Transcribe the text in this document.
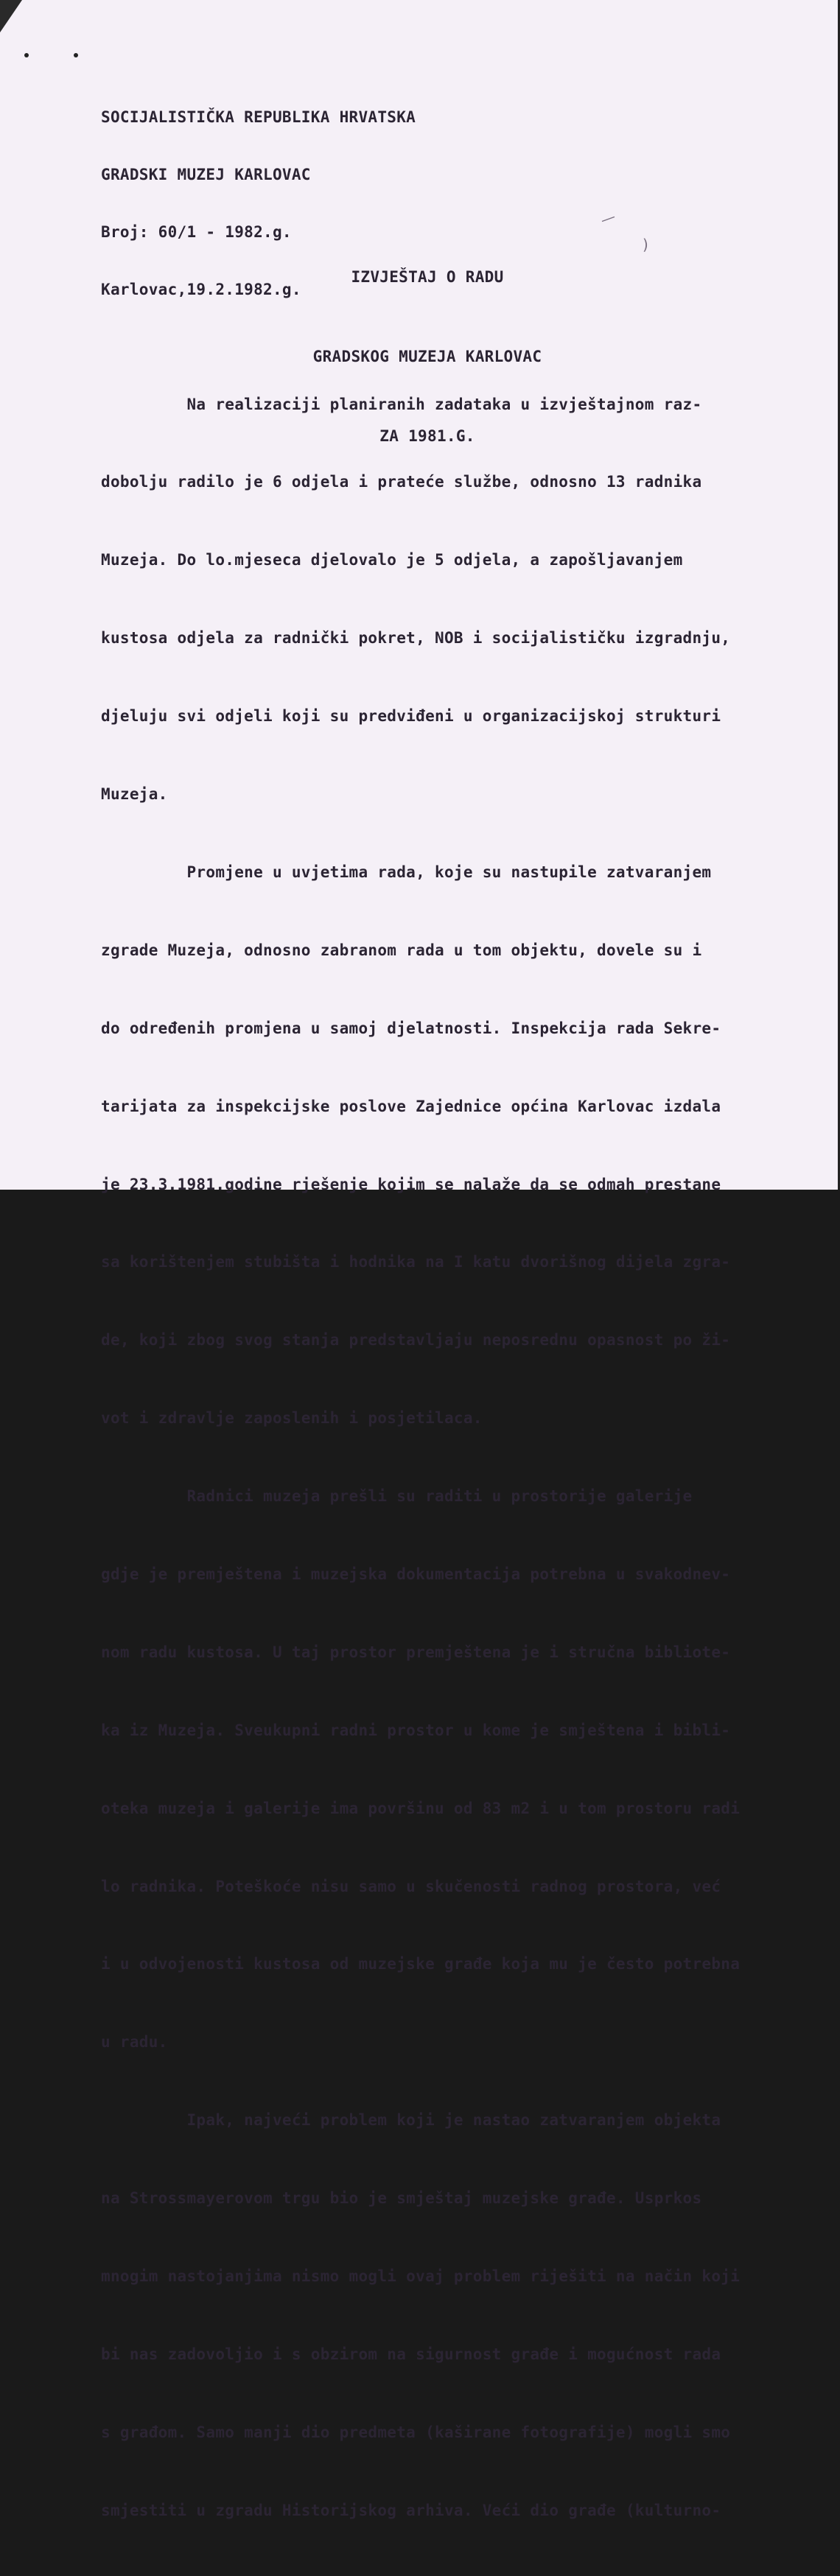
SOCIJALISTIČKA REPUBLIKA HRVATSKA

GRADSKI MUZEJ KARLOVAC

Broj: 60/1 - 1982.g.

Karlovac,19.2.1982.g.

IZVJEŠTAJ O RADU

GRADSKOG MUZEJA KARLOVAC

ZA 1981.G.

—
)

Na realizaciji planiranih zadataka u izvještajnom raz-

dobolju radilo je 6 odjela i prateće službe, odnosno 13 radnika

Muzeja. Do lo.mjeseca djelovalo je 5 odjela, a zapošljavanjem

kustosa odjela za radnički pokret, NOB i socijalističku izgradnju,

djeluju svi odjeli koji su predviđeni u organizacijskoj strukturi

Muzeja.

Promjene u uvjetima rada, koje su nastupile zatvaranjem

zgrade Muzeja, odnosno zabranom rada u tom objektu, dovele su i

do određenih promjena u samoj djelatnosti. Inspekcija rada Sekre-

tarijata za inspekcijske poslove Zajednice općina Karlovac izdala

je 23.3.1981.godine rješenje kojim se nalaže da se odmah prestane

sa korištenjem stubišta i hodnika na I katu dvorišnog dijela zgra-

de, koji zbog svog stanja predstavljaju neposrednu opasnost po ži-

vot i zdravlje zaposlenih i posjetilaca.

Radnici muzeja prešli su raditi u prostorije galerije

gdje je premještena i muzejska dokumentacija potrebna u svakodnev-

nom radu kustosa. U taj prostor premještena je i stručna bibliote-

ka iz Muzeja. Sveukupni radni prostor u kome je smještena i bibli-

oteka muzeja i galerije ima površinu od 83 m2 i u tom prostoru radi

lo radnika. Poteškoće nisu samo u skučenosti radnog prostora, već

i u odvojenosti kustosa od muzejske građe koja mu je često potrebna

u radu.

Ipak, najveći problem koji je nastao zatvaranjem objekta

na Strossmayerovom trgu bio je smještaj muzejske građe. Usprkos

mnogim nastojanjima nismo mogli ovaj problem riješiti na način koji

bi nas zadovoljio i s obzirom na sigurnost građe i mogućnost rada

s građom. Samo manji dio predmeta (kaširane fotografije) mogli smo

smjestiti u zgradu Historijskog arhiva. Veći dio građe (kulturno-
